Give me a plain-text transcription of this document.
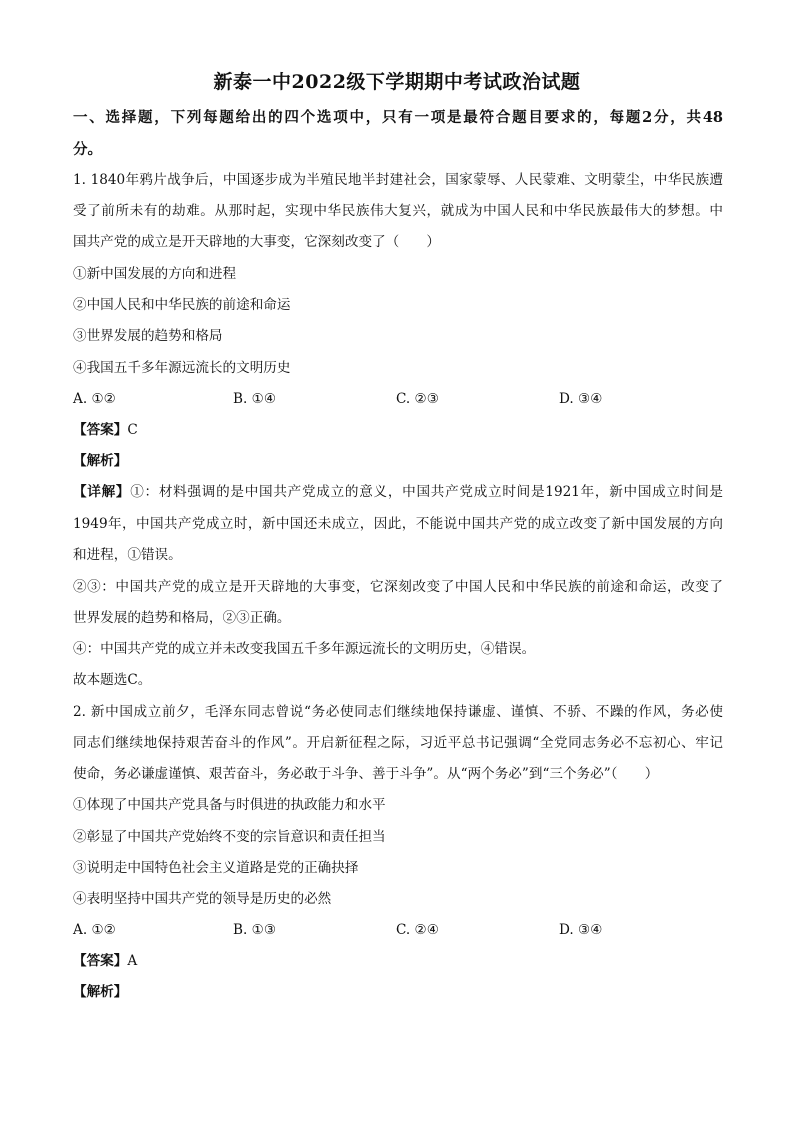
新泰一中2022级下学期期中考试政治试题
一、选择题，下列每题给出的四个选项中，只有一项是最符合题目要求的，每题2分，共48
分。
1. 1840年鸦片战争后，中国逐步成为半殖民地半封建社会，国家蒙辱、人民蒙难、文明蒙尘，中华民族遭
受了前所未有的劫难。从那时起，实现中华民族伟大复兴，就成为中国人民和中华民族最伟大的梦想。中
国共产党的成立是开天辟地的大事变，它深刻改变了（　　）
①新中国发展的方向和进程
②中国人民和中华民族的前途和命运
③世界发展的趋势和格局
④我国五千多年源远流长的文明历史
A. ①②	B. ①④	C. ②③	D. ③④
【答案】C
【解析】
【详解】①：材料强调的是中国共产党成立的意义，中国共产党成立时间是1921年，新中国成立时间是
1949年，中国共产党成立时，新中国还未成立，因此，不能说中国共产党的成立改变了新中国发展的方向
和进程，①错误。
②③：中国共产党的成立是开天辟地的大事变，它深刻改变了中国人民和中华民族的前途和命运，改变了
世界发展的趋势和格局，②③正确。
④：中国共产党的成立并未改变我国五千多年源远流长的文明历史，④错误。
故本题选C。
2. 新中国成立前夕，毛泽东同志曾说“务必使同志们继续地保持谦虚、谨慎、不骄、不躁的作风，务必使
同志们继续地保持艰苦奋斗的作风”。开启新征程之际，习近平总书记强调“全党同志务必不忘初心、牢记
使命，务必谦虚谨慎、艰苦奋斗，务必敢于斗争、善于斗争”。从“两个务必”到“三个务必”（　　）
①体现了中国共产党具备与时俱进的执政能力和水平
②彰显了中国共产党始终不变的宗旨意识和责任担当
③说明走中国特色社会主义道路是党的正确抉择
④表明坚持中国共产党的领导是历史的必然
A. ①②	B. ①③	C. ②④	D. ③④
【答案】A
【解析】
